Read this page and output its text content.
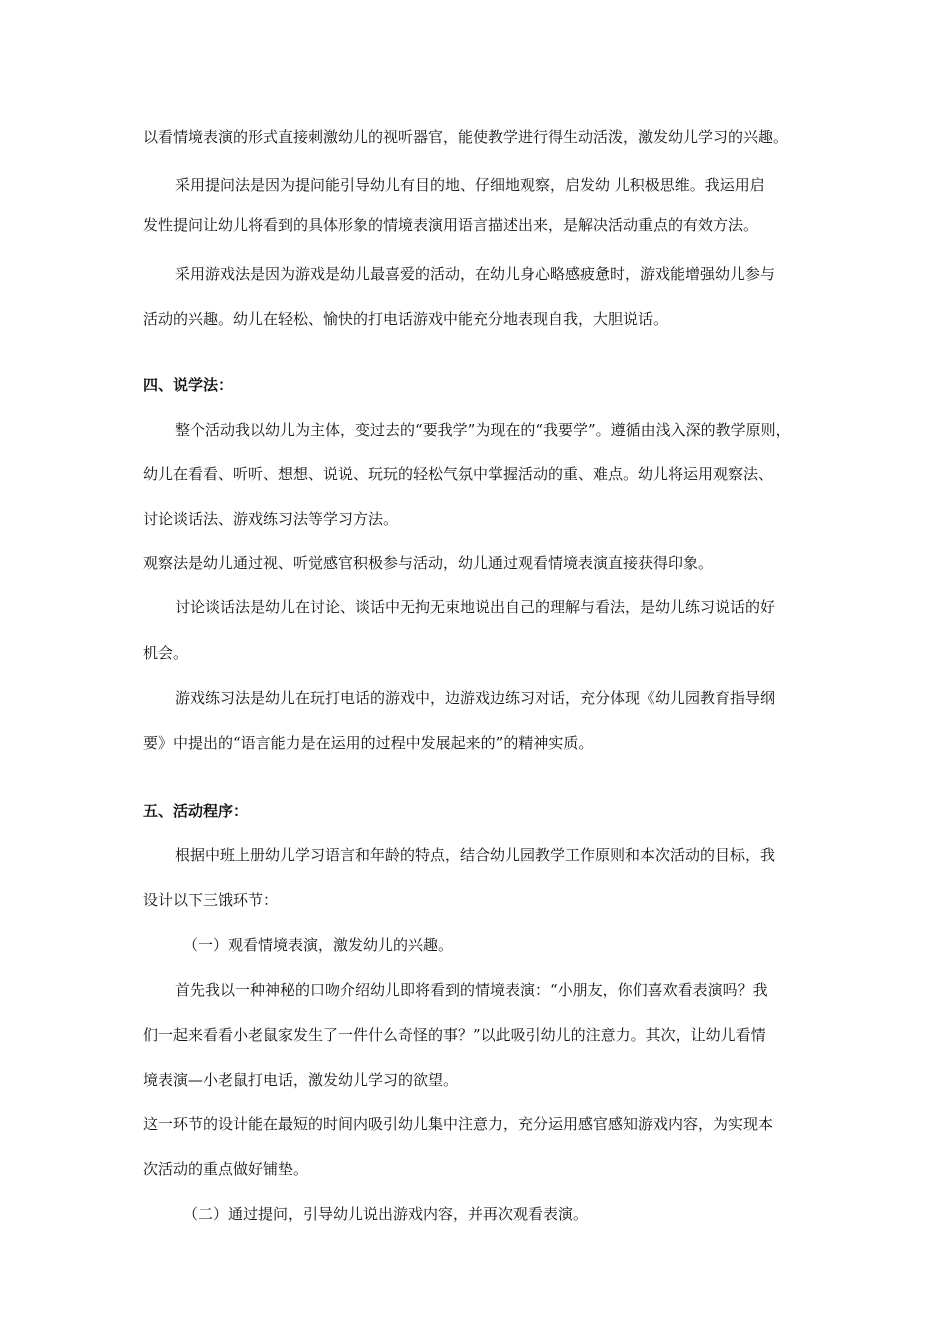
以看情境表演的形式直接刺激幼儿的视听器官，能使教学进行得生动活泼，激发幼儿学习的兴趣。
采用提问法是因为提问能引导幼儿有目的地、仔细地观察，启发幼 儿积极思维。我运用启
发性提问让幼儿将看到的具体形象的情境表演用语言描述出来，是解决活动重点的有效方法。
采用游戏法是因为游戏是幼儿最喜爱的活动，在幼儿身心略感疲惫时，游戏能增强幼儿参与
活动的兴趣。幼儿在轻松、愉快的打电话游戏中能充分地表现自我，大胆说话。
四、说学法：
整个活动我以幼儿为主体，变过去的“要我学”为现在的“我要学”。遵循由浅入深的教学原则，
幼儿在看看、听听、想想、说说、玩玩的轻松气氛中掌握活动的重、难点。幼儿将运用观察法、
讨论谈话法、游戏练习法等学习方法。
观察法是幼儿通过视、听觉感官积极参与活动，幼儿通过观看情境表演直接获得印象。
讨论谈话法是幼儿在讨论、谈话中无拘无束地说出自己的理解与看法，是幼儿练习说话的好
机会。
游戏练习法是幼儿在玩打电话的游戏中，边游戏边练习对话，充分体现《幼儿园教育指导纲
要》中提出的“语言能力是在运用的过程中发展起来的”的精神实质。
五、活动程序：
根据中班上册幼儿学习语言和年龄的特点，结合幼儿园教学工作原则和本次活动的目标，我
设计以下三饿环节：
（一）观看情境表演，激发幼儿的兴趣。
首先我以一种神秘的口吻介绍幼儿即将看到的情境表演：“小朋友，你们喜欢看表演吗？我
们一起来看看小老鼠家发生了一件什么奇怪的事？”以此吸引幼儿的注意力。其次，让幼儿看情
境表演—小老鼠打电话，激发幼儿学习的欲望。
这一环节的设计能在最短的时间内吸引幼儿集中注意力，充分运用感官感知游戏内容，为实现本
次活动的重点做好铺垫。
（二）通过提问，引导幼儿说出游戏内容，并再次观看表演。
